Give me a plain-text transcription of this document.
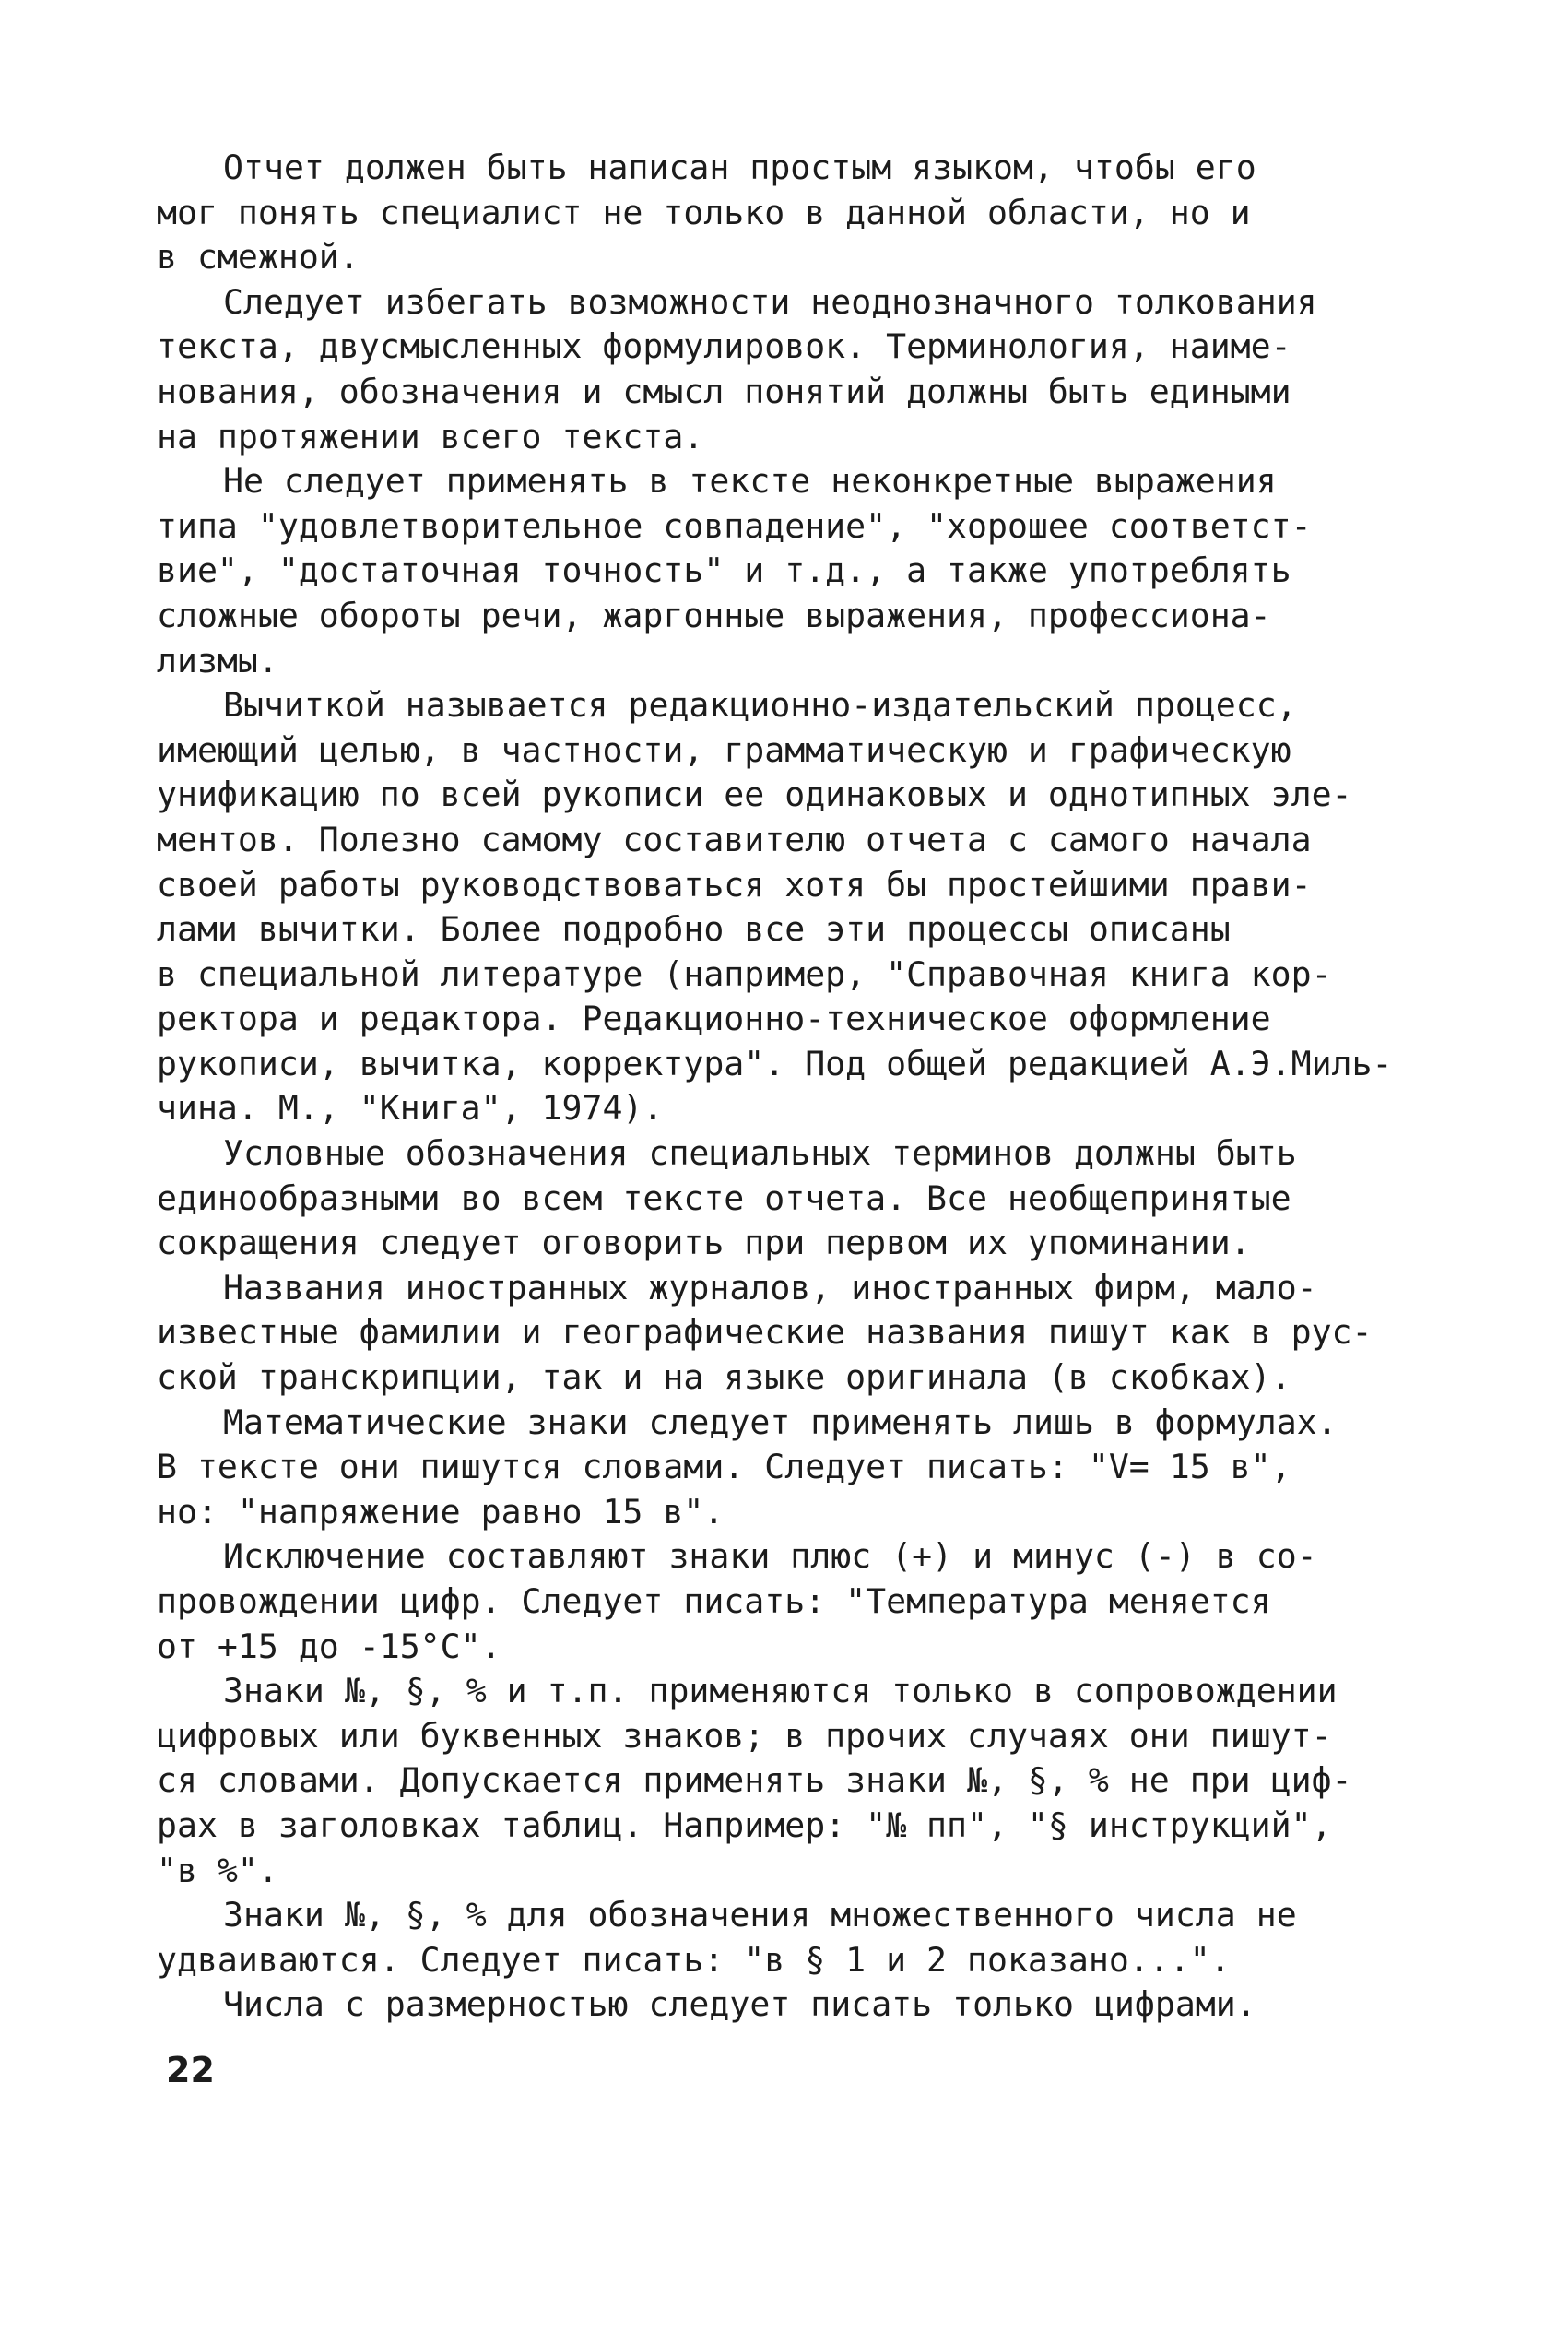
Отчет должен быть написан простым языком, чтобы его
мог понять специалист не только в данной области, но и
в смежной.
Следует избегать возможности неоднозначного толкования
текста, двусмысленных формулировок. Терминология, наиме-
нования, обозначения и смысл понятий должны быть едиными
на протяжении всего текста.
Не следует применять в тексте неконкретные выражения
типа "удовлетворительное совпадение", "хорошее соответст-
вие", "достаточная точность" и т.д., а также употреблять
сложные обороты речи, жаргонные выражения, профессиона-
лизмы.
Вычиткой называется редакционно-издательский процесс,
имеющий целью, в частности, грамматическую и графическую
унификацию по всей рукописи ее одинаковых и однотипных эле-
ментов. Полезно самому составителю отчета с самого начала
своей работы руководствоваться хотя бы простейшими прави-
лами вычитки. Более подробно все эти процессы описаны
в специальной литературе (например, "Справочная книга кор-
ректора и редактора. Редакционно-техническое оформление
рукописи, вычитка, корректура". Под общей редакцией А.Э.Миль-
чина. М., "Книга", 1974).
Условные обозначения специальных терминов должны быть
единообразными во всем тексте отчета. Все необщепринятые
сокращения следует оговорить при первом их упоминании.
Названия иностранных журналов, иностранных фирм, мало-
известные фамилии и географические названия пишут как в рус-
ской транскрипции, так и на языке оригинала (в скобках).
Математические знаки следует применять лишь в формулах.
В тексте они пишутся словами. Следует писать: "V= 15 в",
но: "напряжение равно 15 в".
Исключение составляют знаки плюс (+) и минус (-) в со-
провождении цифр. Следует писать: "Температура меняется
от +15 до -15°С".
Знаки №, §, % и т.п. применяются только в сопровождении
цифровых или буквенных знаков; в прочих случаях они пишут-
ся словами. Допускается применять знаки №, §, % не при циф-
рах в заголовках таблиц. Например: "№ пп", "§ инструкций",
"в %".
Знаки №, §, % для обозначения множественного числа не
удваиваются. Следует писать: "в § 1 и 2 показано...".
Числа с размерностью следует писать только цифрами.
22
